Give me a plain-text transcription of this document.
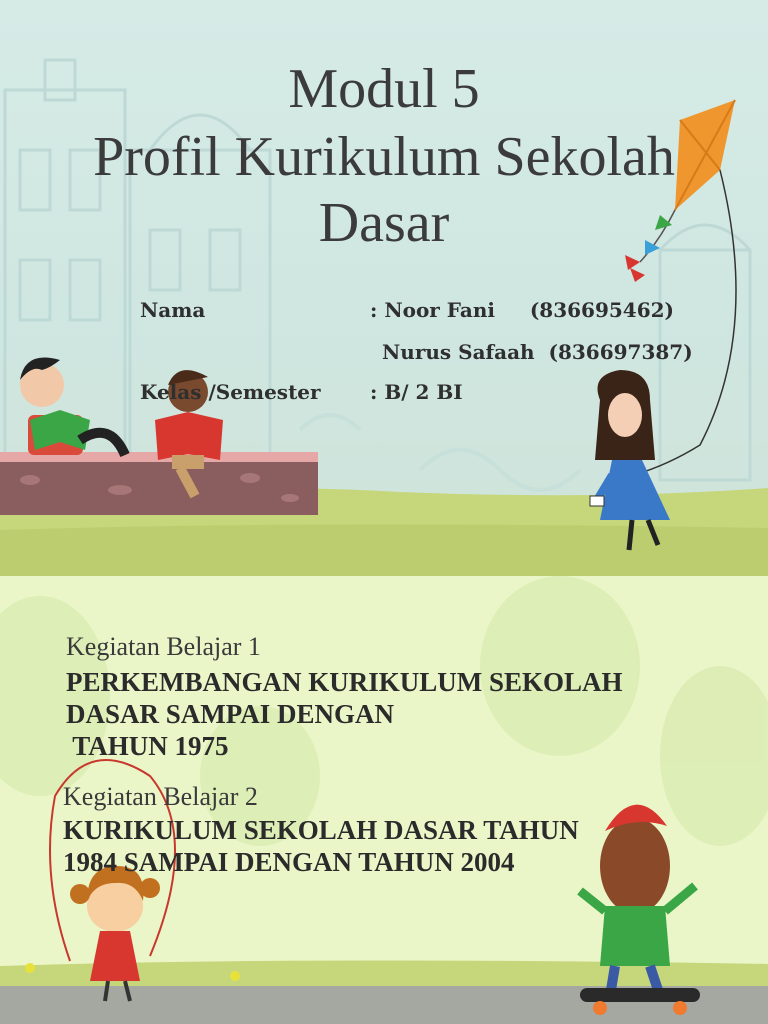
Modul 5
Profil Kurikulum Sekolah
Dasar
Nama	: Noor Fani     (836695462)
Nurus Safaah  (836697387)
Kelas /Semester : B/ 2 BI
Kegiatan Belajar 1
PERKEMBANGAN KURIKULUM SEKOLAH
DASAR SAMPAI DENGAN
TAHUN 1975
Kegiatan Belajar 2
KURIKULUM SEKOLAH DASAR TAHUN
1984 SAMPAI DENGAN TAHUN 2004
